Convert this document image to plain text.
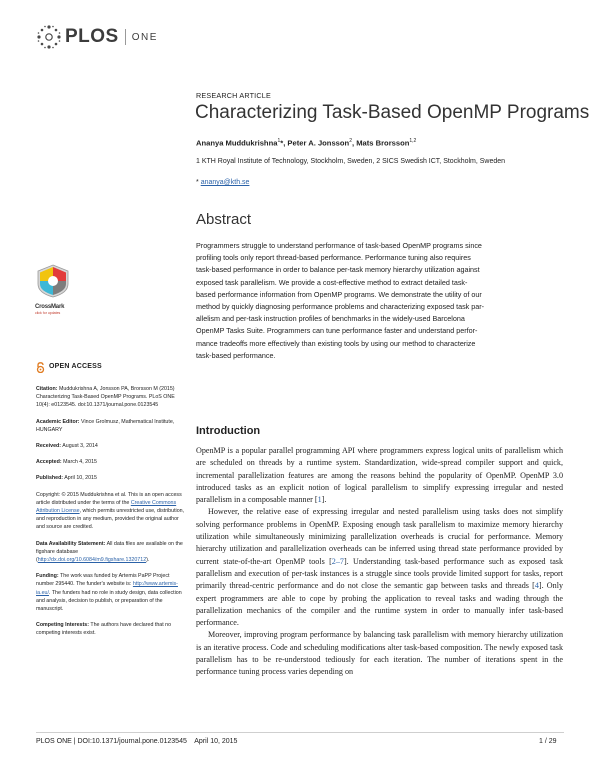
PLOS ONE
RESEARCH ARTICLE
Characterizing Task-Based OpenMP Programs
Ananya Muddukrishna$^1$*, Peter A. Jonsson$^2$, Mats Brorsson$^{1,2}$
1 KTH Royal Institute of Technology, Stockholm, Sweden, 2 SICS Swedish ICT, Stockholm, Sweden
* ananya@kth.se
Abstract
Programmers struggle to understand performance of task-based OpenMP programs since
profiling tools only report thread-based performance. Performance tuning also requires
task-based performance in order to balance per-task memory hierarchy utilization against
exposed task parallelism. We provide a cost-effective method to extract detailed task-
based performance information from OpenMP programs. We demonstrate the utility of our
method by quickly diagnosing performance problems and characterizing exposed task par-
allelism and per-task instruction profiles of benchmarks in the widely-used Barcelona
OpenMP Tasks Suite. Programmers can tune performance faster and understand perfor-
mance tradeoffs more effectively than existing tools by using our method to characterize
task-based performance.
Introduction

OpenMP is a popular parallel programming API where programmers express logical units of parallelism which are scheduled on threads by a runtime system. Standardization, wide-spread compiler support and quick, incremental parallelization features are among the reasons behind the popularity of OpenMP. OpenMP 3.0 introduced tasks as an explicit notion of logical parallelism to simplify expressing irregular and nested parallelism in a composable manner [1].

However, the relative ease of expressing irregular and nested parallelism using tasks does not simplify solving performance problems in OpenMP. Exposing enough task parallelism to maximize memory hierarchy utilization while simultaneously minimizing parallelization overheads is crucial for performance. Memory hierarchy utilization and parallelization overheads can be inferred using thread state performance provided by current state-of-the-art OpenMP tools [2–7]. Understanding task-based performance such as exposed task parallelism and execution of per-task instances is a struggle since tools provide limited support for tasks, report primarily thread-centric performance and do not close the semantic gap between tasks and threads [4]. Only expert programmers are able to cope by probing the application to reveal tasks and wading through the parallelization mechanics of the compiler and the runtime system in order to manually infer task-based performance.

Moreover, improving program performance by balancing task parallelism with memory hierarchy utilization is an iterative process. Code and scheduling modifications alter task-based composition. The newly exposed task parallelism has to be re-understood tediously for each iteration. The number of iterations spent in the performance tuning process varies depending on

CrossMark
click for updates
OPEN ACCESS
Citation: Muddukrishna A, Jonsson PA, Brorsson M (2015) Characterizing Task-Based OpenMP Programs. PLoS ONE 10(4): e0123545. doi:10.1371/journal.pone.0123545
Academic Editor: Vince Grolmusz, Mathematical Institute, HUNGARY
Received: August 3, 2014
Accepted: March 4, 2015
Published: April 10, 2015
Copyright: © 2015 Muddukrishna et al. This is an open access article distributed under the terms of the Creative Commons Attribution License, which permits unrestricted use, distribution, and reproduction in any medium, provided the original author and source are credited.
Data Availability Statement: All data files are available on the figshare database (http://dx.doi.org/10.6084/m9.figshare.1320712).
Funding: The work was funded by Artemis PaPP Project number 295440. The funder's website is: http://www.artemis-ia.eu/. The funders had no role in study design, data collection and analysis, decision to publish, or preparation of the manuscript.
Competing Interests: The authors have declared that no competing interests exist.
PLOS ONE | DOI:10.1371/journal.pone.0123545    April 10, 2015	1 / 29
